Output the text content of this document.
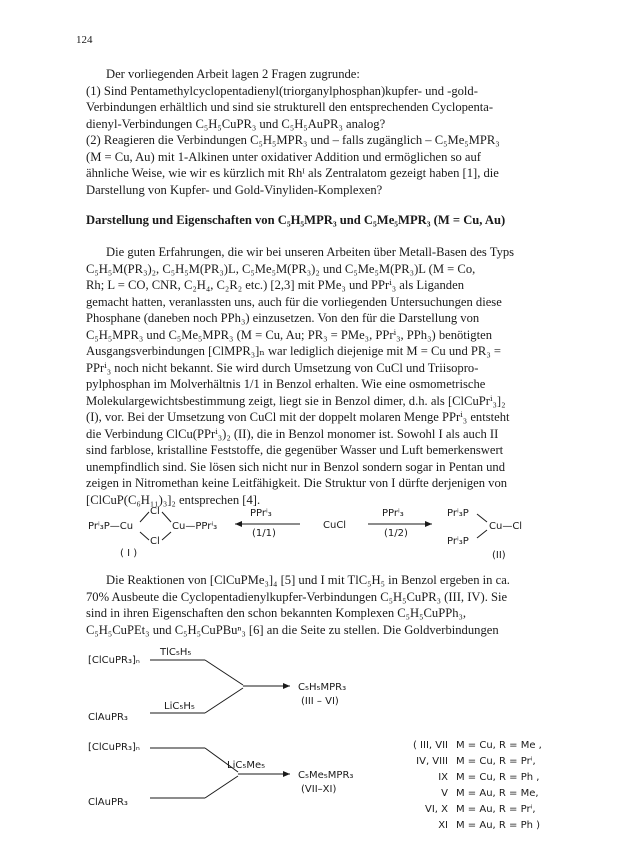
124
Der vorliegenden Arbeit lagen 2 Fragen zugrunde:
(1) Sind Pentamethylcyclopentadienyl(triorganylphosphan)kupfer- und -gold-
Verbindungen erhältlich und sind sie strukturell den entsprechenden Cyclopenta-
dienyl-Verbindungen C₅H₅CuPR₃ und C₅H₅AuPR₃ analog?
(2) Reagieren die Verbindungen C₅H₅MPR₃ und – falls zugänglich – C₅Me₅MPR₃
(M = Cu, Au) mit 1-Alkinen unter oxidativer Addition und ermöglichen so auf
ähnliche Weise, wie wir es kürzlich mit Rhᴵ als Zentralatom gezeigt haben [1], die
Darstellung von Kupfer- und Gold-Vinyliden-Komplexen?
Darstellung und Eigenschaften von C₅H₅MPR₃ und C₅Me₅MPR₃ (M = Cu, Au)
Die guten Erfahrungen, die wir bei unseren Arbeiten über Metall-Basen des Typs
C₅H₅M(PR₃)₂, C₅H₅M(PR₃)L, C₅Me₅M(PR₃)₂ und C₅Me₅M(PR₃)L (M = Co,
Rh; L = CO, CNR, C₂H₄, C₂R₂ etc.) [2,3] mit PMe₃ und PPrⁱ₃ als Liganden
gemacht hatten, veranlassten uns, auch für die vorliegenden Untersuchungen diese
Phosphane (daneben noch PPh₃) einzusetzen. Von den für die Darstellung von
C₅H₅MPR₃ und C₅Me₅MPR₃ (M = Cu, Au; PR₃ = PMe₃, PPrⁱ₃, PPh₃) benötigten
Ausgangsverbindungen [ClMPR₃]ₙ war lediglich diejenige mit M = Cu und PR₃ =
PPrⁱ₃ noch nicht bekannt. Sie wird durch Umsetzung von CuCl und Triisopro-
pylphosphan im Molverhältnis 1/1 in Benzol erhalten. Wie eine osmometrische
Molekulargewichtsbestimmung zeigt, liegt sie in Benzol dimer, d.h. als [ClCuPrⁱ₃]₂
(I), vor. Bei der Umsetzung von CuCl mit der doppelt molaren Menge PPrⁱ₃ entsteht
die Verbindung ClCu(PPrⁱ₃)₂ (II), die in Benzol monomer ist. Sowohl I als auch II
sind farblose, kristalline Feststoffe, die gegenüber Wasser und Luft bemerkenswert
unempfindlich sind. Sie lösen sich nicht nur in Benzol sondern sogar in Pentan und
zeigen in Nitromethan keine Leitfähigkeit. Die Struktur von I dürfte derjenigen von
[ClCuP(C₆H₁₁)₃]₂ entsprechen [4].
Prⁱ₃P—Cu
Cl
Cl
Cu—PPrⁱ₃
( I )
PPrⁱ₃
(1/1)
CuCl
PPrⁱ₃
(1/2)
Prⁱ₃P
Prⁱ₃P
Cu—Cl
(II)
Die Reaktionen von [ClCuPMe₃]₄ [5] und I mit TlC₅H₅ in Benzol ergeben in ca.
70% Ausbeute die Cyclopentadienylkupfer-Verbindungen C₅H₅CuPR₃ (III, IV). Sie
sind in ihren Eigenschaften den schon bekannten Komplexen C₅H₅CuPPh₃,
C₅H₅CuPEt₃ und C₅H₅CuPBuⁿ₃ [6] an die Seite zu stellen. Die Goldverbindungen
[ClCuPR₃]ₙ
TlC₅H₅
LiC₅H₅
ClAuPR₃
C₅H₅MPR₃
(III – VI)
[ClCuPR₃]ₙ
LiC₅Me₅
ClAuPR₃
C₅Me₅MPR₃
(VII–XI)
( III, VII M = Cu, R = Me ,
IV, VIII M = Cu, R = Prⁱ,
IX M = Cu, R = Ph ,
V M = Au, R = Me,
VI, X M = Au, R = Prⁱ,
XI M = Au, R = Ph )
